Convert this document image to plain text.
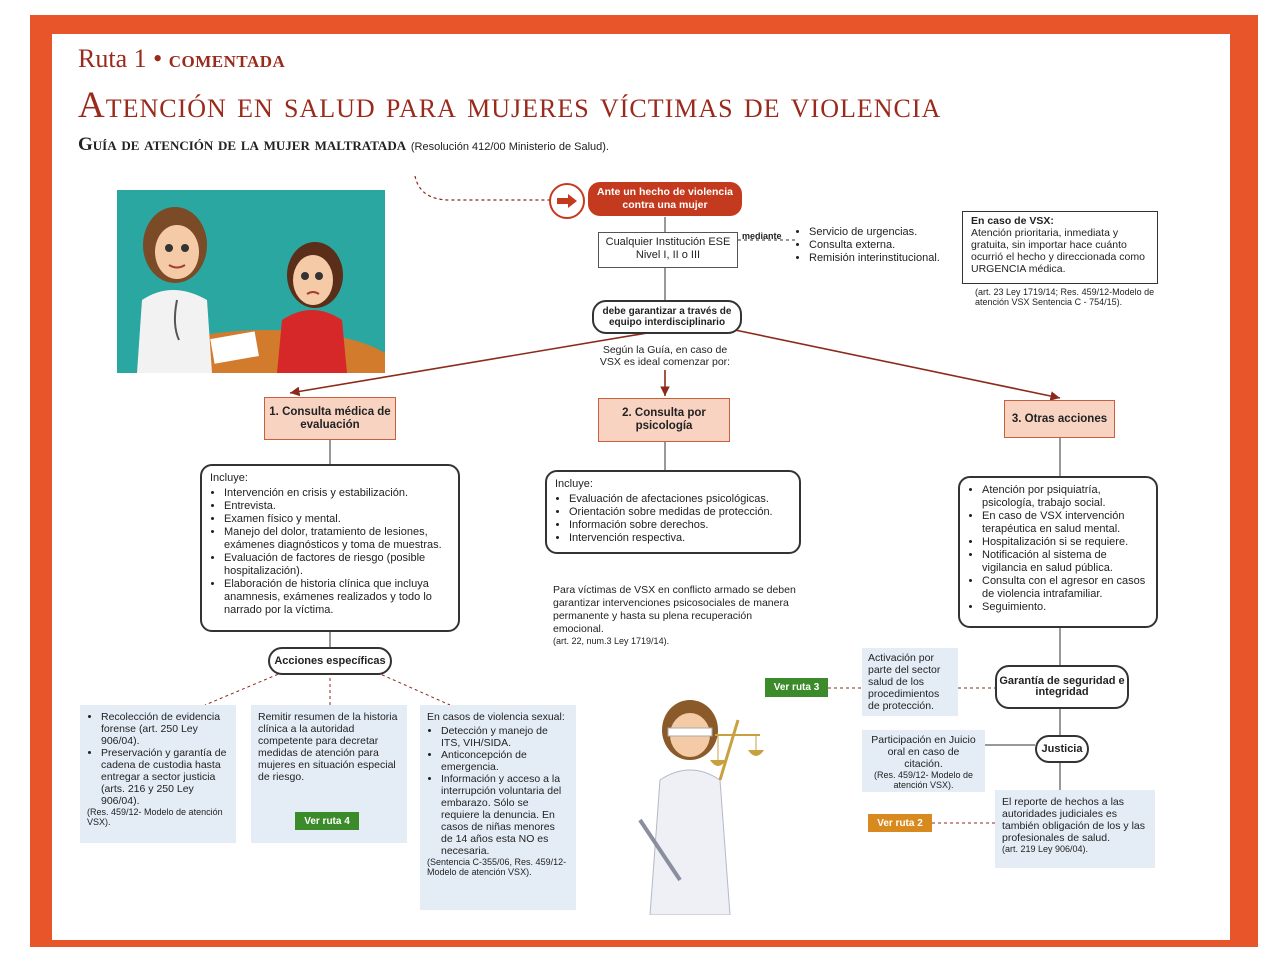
Ruta 1 • COMENTADA
Atención en salud para mujeres víctimas de violencia
Guía de atención de la mujer maltratada (Resolución 412/00 Ministerio de Salud).
Ante un hecho de violencia contra una mujer
Cualquier Institución ESE Nivel I, II o III
mediante
• Servicio de urgencias.
• Consulta externa.
• Remisión interinstitucional.
En caso de VSX:
Atención prioritaria, inmediata y gratuita, sin importar hace cuánto ocurrió el hecho y direccionada como URGENCIA médica.
(art. 23 Ley 1719/14; Res. 459/12-Modelo de atención VSX Sentencia C - 754/15).
debe garantizar a través de equipo interdisciplinario
Según la Guía, en caso de VSX es ideal comenzar por:
1. Consulta médica de evaluación
2. Consulta por psicología
3. Otras acciones
Incluye:
• Intervención en crisis y estabilización.
• Entrevista.
• Examen físico y mental.
• Manejo del dolor, tratamiento de lesiones, exámenes diagnósticos y toma de muestras.
• Evaluación de factores de riesgo (posible hospitalización).
• Elaboración de historia clínica que incluya anamnesis, exámenes realizados y todo lo narrado por la víctima.
Incluye:
• Evaluación de afectaciones psicológicas.
• Orientación sobre medidas de protección.
• Información sobre derechos.
• Intervención respectiva.
Para víctimas de VSX en conflicto armado se deben garantizar intervenciones psicosociales de manera permanente y hasta su plena recuperación emocional.
(art. 22, num.3 Ley 1719/14).
• Atención por psiquiatría, psicología, trabajo social.
• En caso de VSX intervención terapéutica en salud mental.
• Hospitalización si se requiere.
• Notificación al sistema de vigilancia en salud pública.
• Consulta con el agresor en casos de violencia intrafamiliar.
• Seguimiento.
Acciones específicas
• Recolección de evidencia forense (art. 250 Ley 906/04).
• Preservación y garantía de cadena de custodia hasta entregar a sector justicia (arts. 216 y 250 Ley 906/04).
(Res. 459/12- Modelo de atención VSX).
Remitir resumen de la historia clínica a la autoridad competente para decretar medidas de atención para mujeres en situación especial de riesgo.
Ver ruta 4
En casos de violencia sexual:
• Detección y manejo de ITS, VIH/SIDA.
• Anticoncepción de emergencia.
• Información y acceso a la interrupción voluntaria del embarazo. Sólo se requiere la denuncia. En casos de niñas menores de 14 años esta NO es necesaria.
(Sentencia C-355/06, Res. 459/12- Modelo de atención VSX).
Ver ruta 3
Activación por parte del sector salud de los procedimientos de protección.
Garantía de seguridad e integridad
Participación en Juicio oral en caso de citación.
(Res. 459/12- Modelo de atención VSX).
Justicia
Ver ruta 2
El reporte de hechos a las autoridades judiciales es también obligación de los y las profesionales de salud.
(art. 219 Ley 906/04).
